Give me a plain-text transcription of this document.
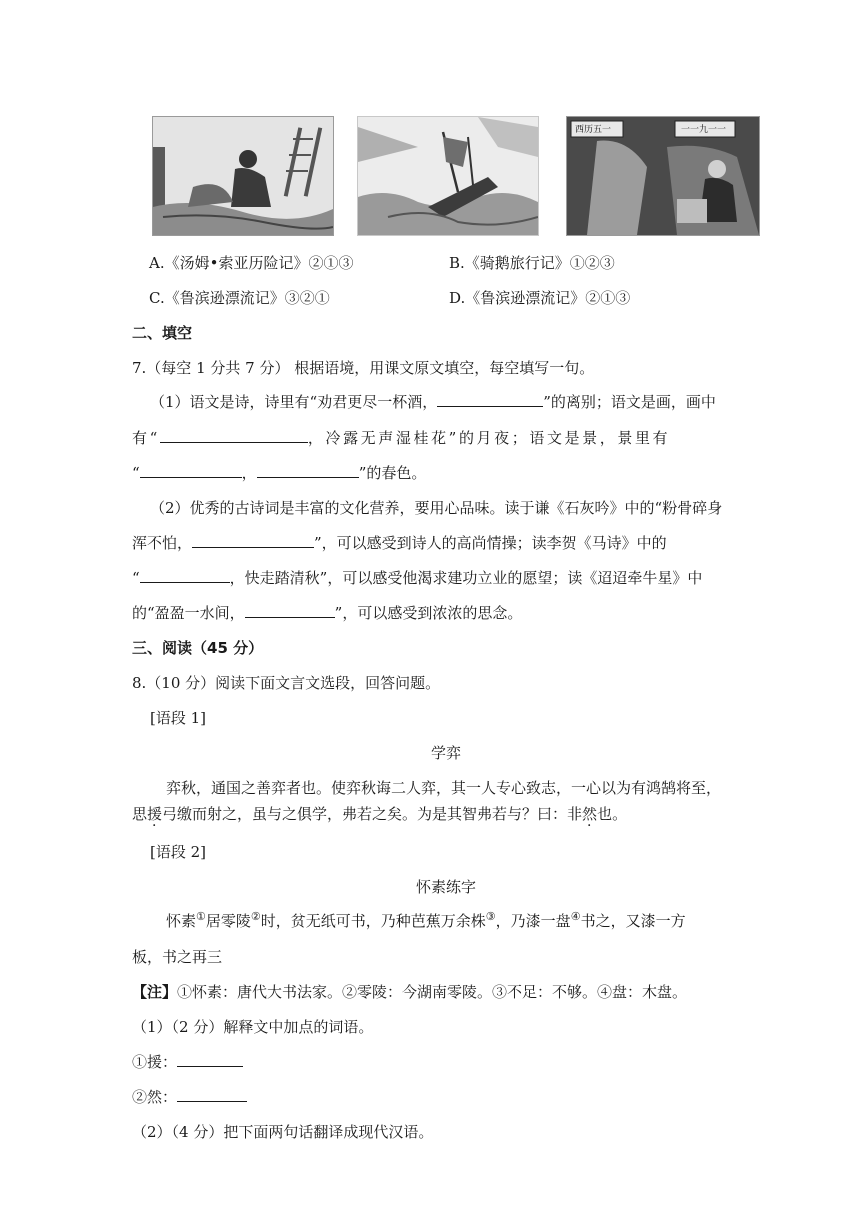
西历五一	一一九一一
A.《汤姆•索亚历险记》②①③	B.《骑鹅旅行记》①②③
C.《鲁滨逊漂流记》③②①	D.《鲁滨逊漂流记》②①③
二、填空
7.（每空 1 分共 7 分） 根据语境，用课文原文填空，每空填写一句。
（1）语文是诗，诗里有“劝君更尽一杯酒，	”的离别；语文是画，画中
有“	，冷露无声湿桂花”的月夜；语文是景，景里有
“	，	”的春色。
（2）优秀的古诗词是丰富的文化营养，要用心品味。读于谦《石灰吟》中的“粉骨碎身
浑不怕，	”，可以感受到诗人的高尚情操；读李贺《马诗》中的
“	，快走踏清秋”，可以感受他渴求建功立业的愿望；读《迢迢牵牛星》中
的“盈盈一水间，	”，可以感受到浓浓的思念。
三、阅读（45 分）
8.（10 分）阅读下面文言文选段，回答问题。
[语段 1]
学弈
弈秋，通国之善弈者也。使弈秋诲二人弈，其一人专心致志，一心以为有鸿鹄将至，
思援弓缴而射之，虽与之俱学，弗若之矣。为是其智弗若与？曰：非然也。
[语段 2]
怀素练字
怀素①居零陵②时，贫无纸可书，乃种芭蕉万余株③，乃漆一盘④书之，又漆一方
板，书之再三
【注】①怀素：唐代大书法家。②零陵：今湖南零陵。③不足：不够。④盘：木盘。
（1）（2 分）解释文中加点的词语。
①援：
②然：
（2）（4 分）把下面两句话翻译成现代汉语。
